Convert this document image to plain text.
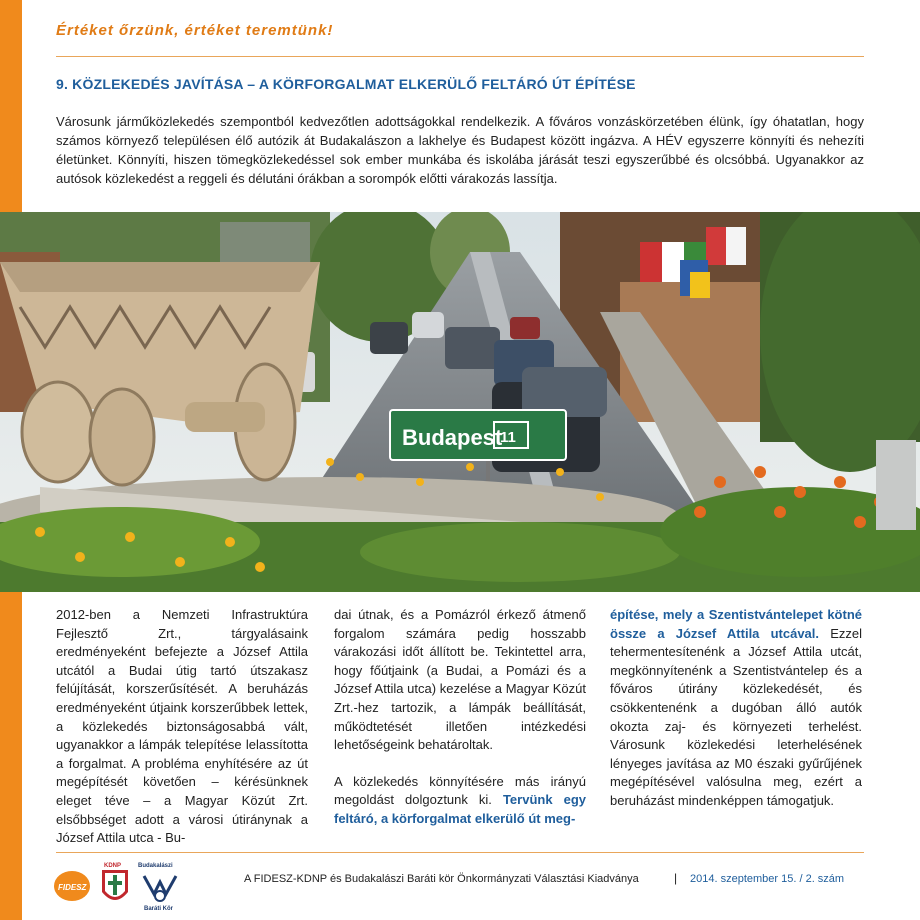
Értéket őrzünk, értéket teremtünk!
9. KÖZLEKEDÉS JAVÍTÁSA – A KÖRFORGALMAT ELKERÜLŐ FELTÁRÓ ÚT ÉPÍTÉSE
Városunk járműközlekedés szempontból kedvezőtlen adottságokkal rendelkezik. A főváros vonzáskörzetében élünk, így óhatatlan, hogy számos környező településen élő autózik át Budakalászon a lakhelye és Budapest között ingázva. A HÉV egyszerre könnyíti és nehezíti életünket. Könnyíti, hiszen tömegközlekedéssel sok ember munkába és iskolába járását teszi egyszerűbbé és olcsóbbá. Ugyanakkor az autósok közlekedést a reggeli és délutáni órákban a sorompók előtti várakozás lassítja.
Budapest
11

2012-ben a Nemzeti Infrastruktúra Fejlesztő Zrt., tárgyalásaink eredményeként befejezte a József Attila utcától a Budai útig tartó útszakasz felújítását, korszerűsítését. A beruházás eredményeként útjaink korszerűbbek lettek, a közlekedés biztonságosabbá vált, ugyanakkor a lámpák telepítése lelassította a forgalmat. A probléma enyhítésére az út megépítését követően – kérésünknek eleget téve – a Magyar Közút Zrt. elsőbbséget adott a városi útiránynak a József Attila utca - Bu-

dai útnak, és a Pomázról érkező átmenő forgalom számára pedig hosszabb várakozási időt állított be. Tekintettel arra, hogy főútjaink (a Budai, a Pomázi és a József Attila utca) kezelése a Magyar Közút Zrt.-hez tartozik, a lámpák beállítását, működtetését illetően intézkedési lehetőségeink behatároltak.

A közlekedés könnyítésére más irányú megoldást dolgoztunk ki. Tervünk egy feltáró, a körforgalmat elkerülő út meg-

építése, mely a Szentistvántelepet kötné össze a József Attila utcával. Ezzel tehermentesítenénk a József Attila utcát, megkönnyítenénk a Szentistvántelep és a főváros útirány közlekedését, és csökkentenénk a dugóban álló autók okozta zaj- és környezeti terhelést. Városunk közlekedési leterhelésének lényeges javítása az M0 északi gyűrűjének megépítésével valósulna meg, ezért a beruházást mindenképpen támogatjuk.

FIDESZ
KDNP	Budakalászi
Baráti Kör
A FIDESZ-KDNP és Budakalászi Baráti kör Önkormányzati Választási Kiadványa	| 2014. szeptember 15. / 2. szám
